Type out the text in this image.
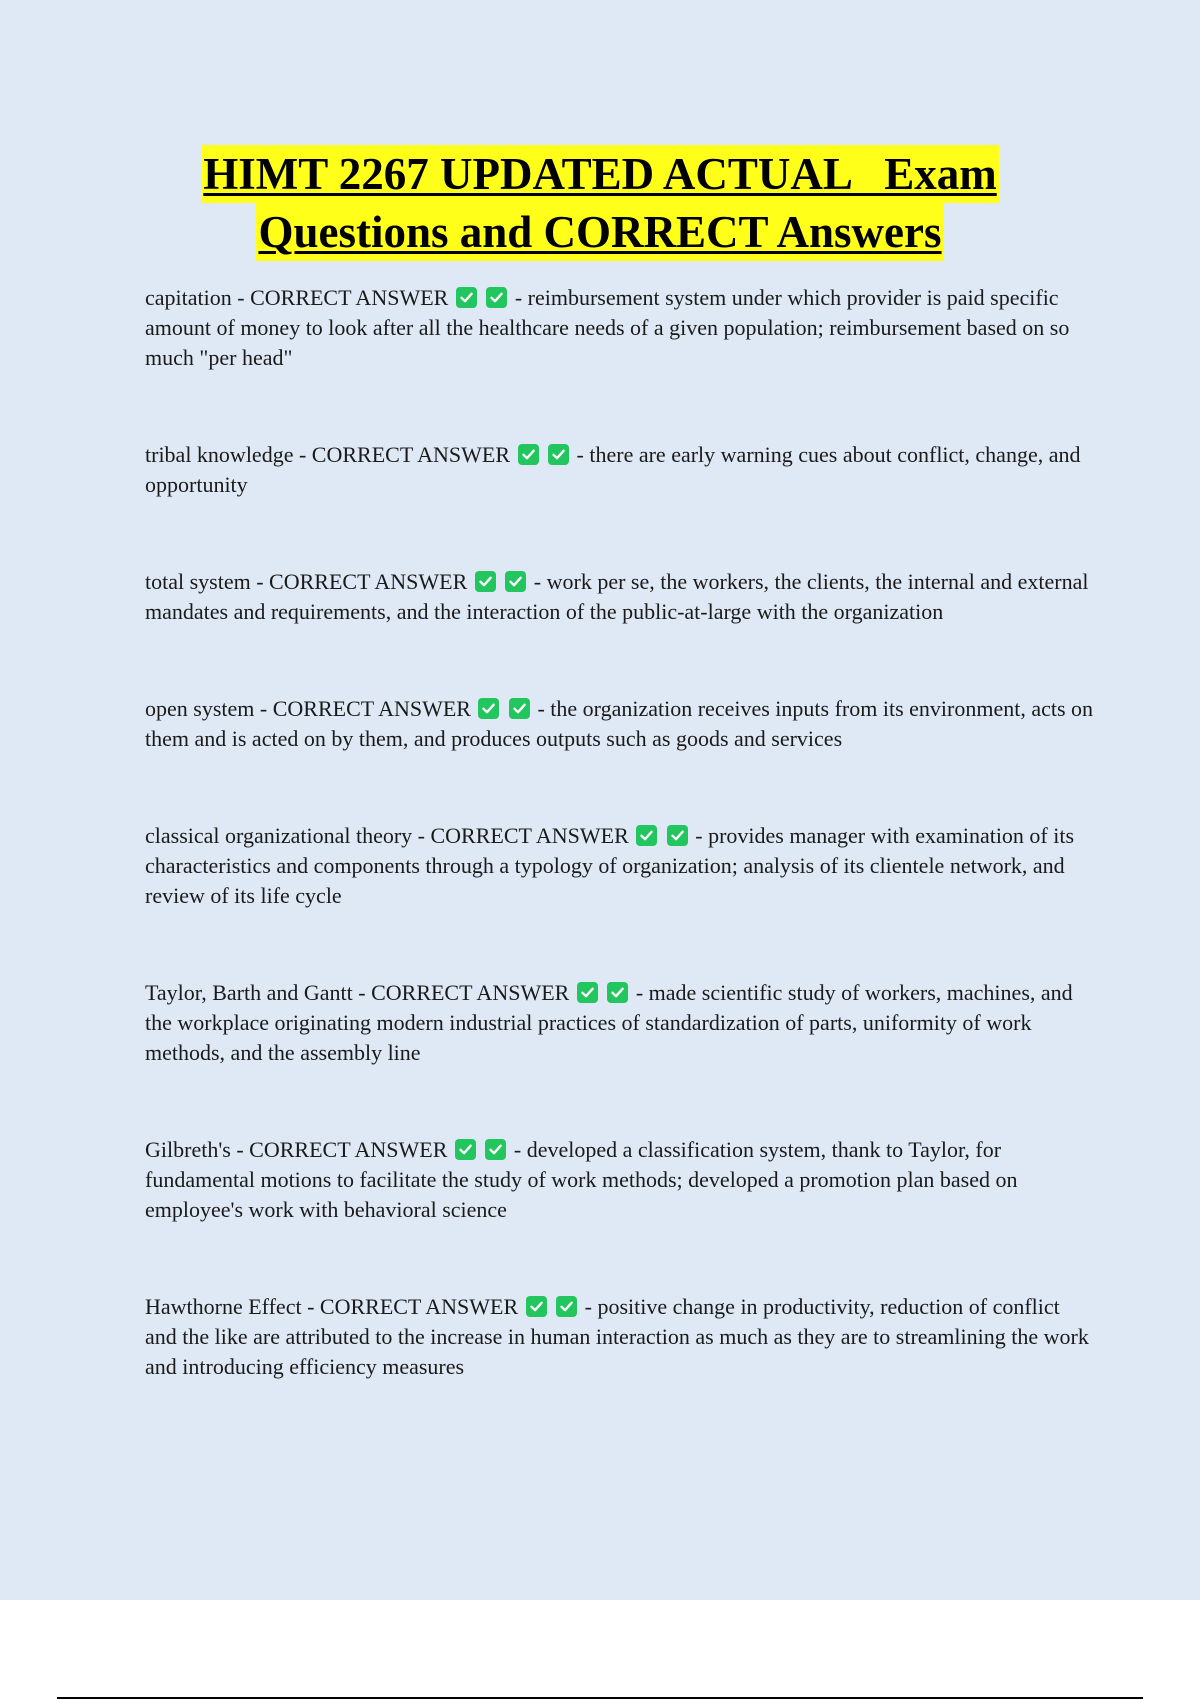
HIMT 2267 UPDATED ACTUAL   Exam
Questions and CORRECT Answers
capitation - CORRECT ANSWER
	- reimbursement system under which provider is paid specific amount of money to look after all the healthcare needs of a given population; reimbursement based on so much "per head"
tribal knowledge - CORRECT ANSWER
	- there are early warning cues about conflict, change, and opportunity
total system - CORRECT ANSWER
	- work per se, the workers, the clients, the internal and external mandates and requirements, and the interaction of the public-at-large with the organization
open system - CORRECT ANSWER
	- the organization receives inputs from its environment, acts on them and is acted on by them, and produces outputs such as goods and services
classical organizational theory - CORRECT ANSWER
	- provides manager with examination of its characteristics and components through a typology of organization; analysis of its clientele network, and review of its life cycle
Taylor, Barth and Gantt - CORRECT ANSWER
	- made scientific study of workers, machines, and the workplace originating modern industrial practices of standardization of parts, uniformity of work methods, and the assembly line
Gilbreth's - CORRECT ANSWER
	- developed a classification system, thank to Taylor, for fundamental motions to facilitate the study of work methods; developed a promotion plan based on employee's work with behavioral science
Hawthorne Effect - CORRECT ANSWER
	- positive change in productivity, reduction of conflict and the like are attributed to the increase in human interaction as much as they are to streamlining the work and introducing efficiency measures
